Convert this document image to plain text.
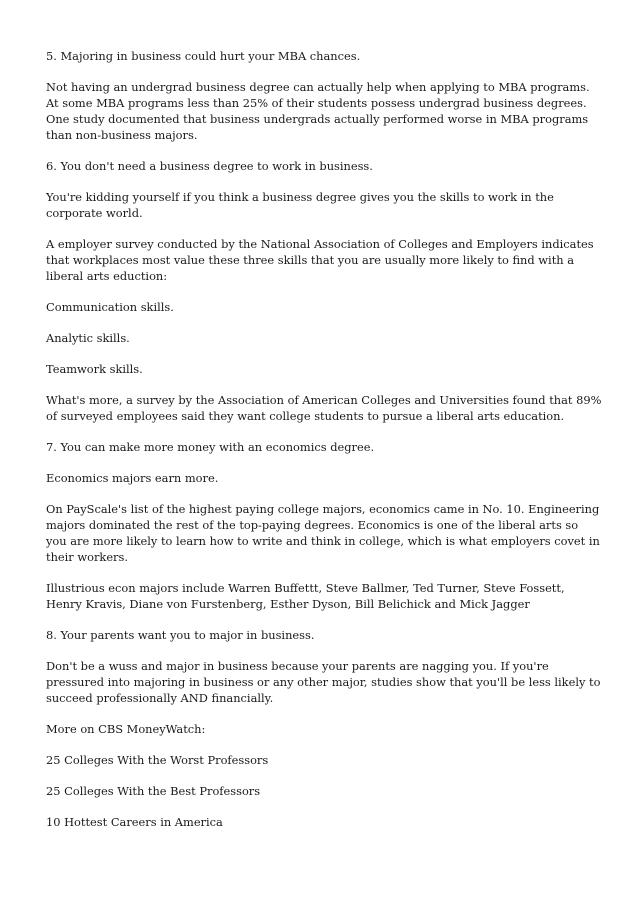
5. Majoring in business could hurt your MBA chances.

Not having an undergrad business degree can actually help when applying to MBA programs. At some MBA programs less than 25% of their students possess undergrad business degrees. One study documented that business undergrads actually performed worse in MBA programs than non-business majors.

6. You don't need a business degree to work in business.

You're kidding yourself if you think a business degree gives you the skills to work in the corporate world.

A employer survey conducted by the National Association of Colleges and Employers indicates that workplaces most value these three skills that you are usually more likely to find with a liberal arts eduction:

Communication skills.

Analytic skills.

Teamwork skills.

What's more, a survey by the Association of American Colleges and Universities found that 89% of surveyed employees said they want college students to pursue a liberal arts education.

7. You can make more money with an economics degree.

Economics majors earn more.

On PayScale's list of the highest paying college majors, economics came in No. 10. Engineering majors dominated the rest of the top-paying degrees. Economics is one of the liberal arts so you are more likely to learn how to write and think in college, which is what employers covet in their workers.

Illustrious econ majors include Warren Buffettt, Steve Ballmer, Ted Turner, Steve Fossett, Henry Kravis, Diane von Furstenberg, Esther Dyson, Bill Belichick and Mick Jagger

8. Your parents want you to major in business.

Don't be a wuss and major in business because your parents are nagging you. If you're pressured into majoring in business or any other major, studies show that you'll be less likely to succeed professionally AND financially.

More on CBS MoneyWatch:

25 Colleges With the Worst Professors

25 Colleges With the Best Professors

10 Hottest Careers in America
